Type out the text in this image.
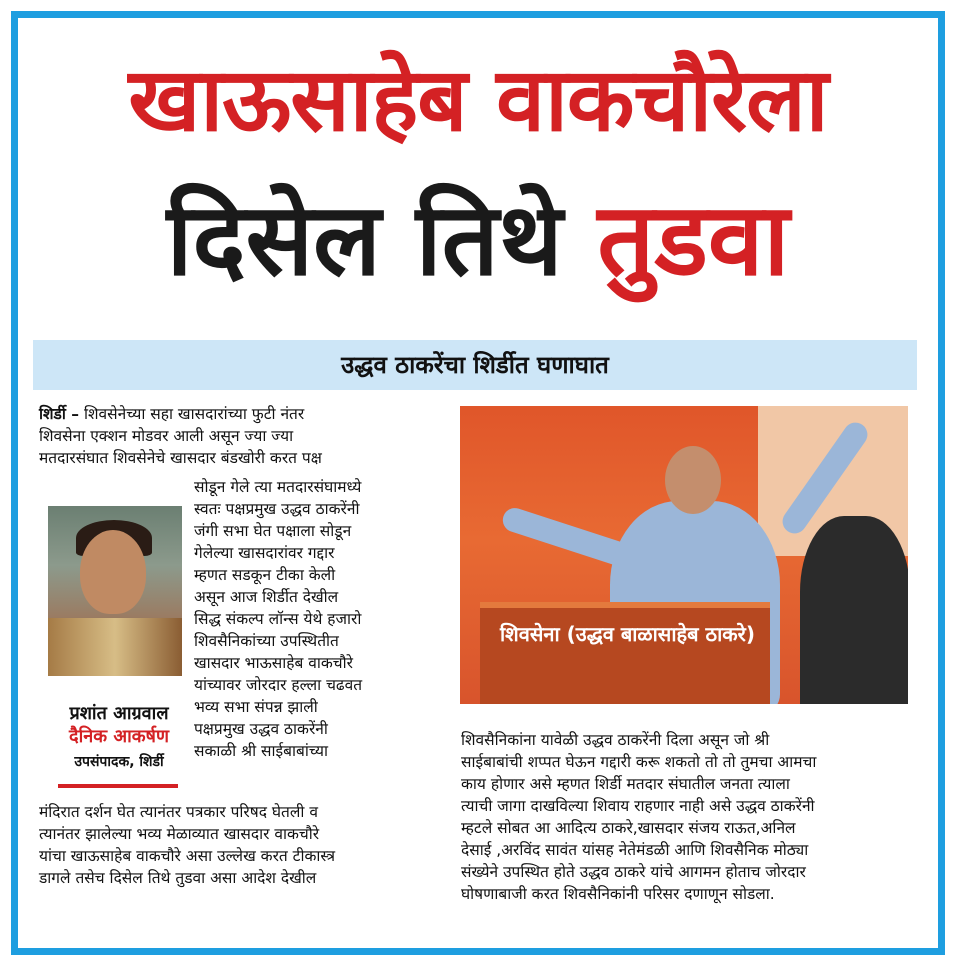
खाऊसाहेब वाकचौरेला
दिसेल तिथे तुडवा
उद्धव ठाकरेंचा शिर्डीत घणाघात

शिर्डी – शिवसेनेच्या सहा खासदारांच्या फुटी नंतर

शिवसेना एक्शन मोडवर आली असून ज्या ज्या

मतदारसंघात शिवसेनेचे खासदार बंडखोरी करत पक्ष

सोडून गेले त्या मतदारसंघामध्ये

स्वतः पक्षप्रमुख उद्धव ठाकरेंनी

जंगी सभा घेत पक्षाला सोडून

गेलेल्या खासदारांवर गद्दार

म्हणत सडकून टीका केली

असून आज शिर्डीत देखील

सिद्ध संकल्प लॉन्स येथे हजारो

शिवसैनिकांच्या उपस्थितीत

खासदार भाऊसाहेब वाकचौरे

यांच्यावर जोरदार हल्ला चढवत

भव्य सभा संपन्न झाली

पक्षप्रमुख उद्धव ठाकरेंनी

सकाळी श्री साईबाबांच्या

मंदिरात दर्शन घेत त्यानंतर पत्रकार परिषद घेतली व

त्यानंतर झालेल्या भव्य मेळाव्यात खासदार वाकचौरे

यांचा खाऊसाहेब वाकचौरे असा उल्लेख करत टीकास्त्र

डागले तसेच दिसेल तिथे तुडवा असा आदेश देखील

प्रशांत आग्रवाल
दैनिक आकर्षण
उपसंपादक, शिर्डी
शिवसेना (उद्धव बाळासाहेब ठाकरे)

शिवसैनिकांना यावेळी उद्धव ठाकरेंनी दिला असून जो श्री

साईबाबांची शप्पत घेऊन गद्दारी करू शकतो तो तो तुमचा आमचा

काय होणार असे म्हणत शिर्डी मतदार संघातील जनता त्याला

त्याची जागा दाखविल्या शिवाय राहणार नाही असे उद्धव ठाकरेंनी

म्हटले सोबत आ आदित्य ठाकरे,खासदार संजय राऊत,अनिल

देसाई ,अरविंद सावंत यांसह नेतेमंडळी आणि शिवसैनिक मोठ्या

संख्येने उपस्थित होते उद्धव ठाकरे यांचे आगमन होताच जोरदार

घोषणाबाजी करत शिवसैनिकांनी परिसर दणाणून सोडला.
